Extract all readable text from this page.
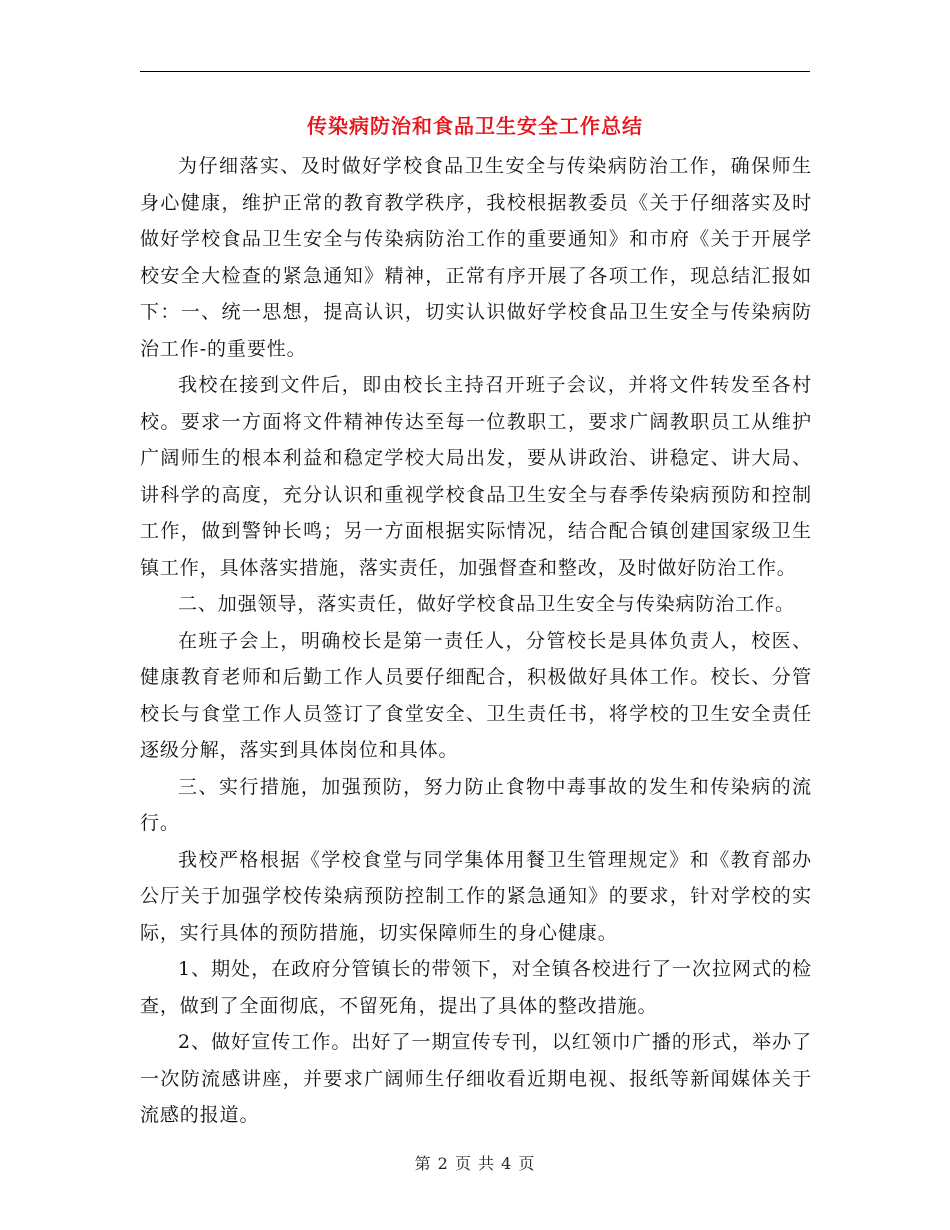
传染病防治和食品卫生安全工作总结

为仔细落实、及时做好学校食品卫生安全与传染病防治工作，确保师生身心健康，维护正常的教育教学秩序，我校根据教委员《关于仔细落实及时做好学校食品卫生安全与传染病防治工作的重要通知》和市府《关于开展学校安全大检查的紧急通知》精神，正常有序开展了各项工作，现总结汇报如下：一、统一思想，提高认识，切实认识做好学校食品卫生安全与传染病防治工作-的重要性。

我校在接到文件后，即由校长主持召开班子会议，并将文件转发至各村校。要求一方面将文件精神传达至每一位教职工，要求广阔教职员工从维护广阔师生的根本利益和稳定学校大局出发，要从讲政治、讲稳定、讲大局、讲科学的高度，充分认识和重视学校食品卫生安全与春季传染病预防和控制工作，做到警钟长鸣；另一方面根据实际情况，结合配合镇创建国家级卫生镇工作，具体落实措施，落实责任，加强督查和整改，及时做好防治工作。

二、加强领导，落实责任，做好学校食品卫生安全与传染病防治工作。

在班子会上，明确校长是第一责任人，分管校长是具体负责人，校医、健康教育老师和后勤工作人员要仔细配合，积极做好具体工作。校长、分管校长与食堂工作人员签订了食堂安全、卫生责任书，将学校的卫生安全责任逐级分解，落实到具体岗位和具体。

三、实行措施，加强预防，努力防止食物中毒事故的发生和传染病的流行。

我校严格根据《学校食堂与同学集体用餐卫生管理规定》和《教育部办公厅关于加强学校传染病预防控制工作的紧急通知》的要求，针对学校的实际，实行具体的预防措施，切实保障师生的身心健康。

1、期处，在政府分管镇长的带领下，对全镇各校进行了一次拉网式的检查，做到了全面彻底，不留死角，提出了具体的整改措施。

2、做好宣传工作。出好了一期宣传专刊，以红领巾广播的形式，举办了一次防流感讲座，并要求广阔师生仔细收看近期电视、报纸等新闻媒体关于流感的报道。

第 2 页 共 4 页
